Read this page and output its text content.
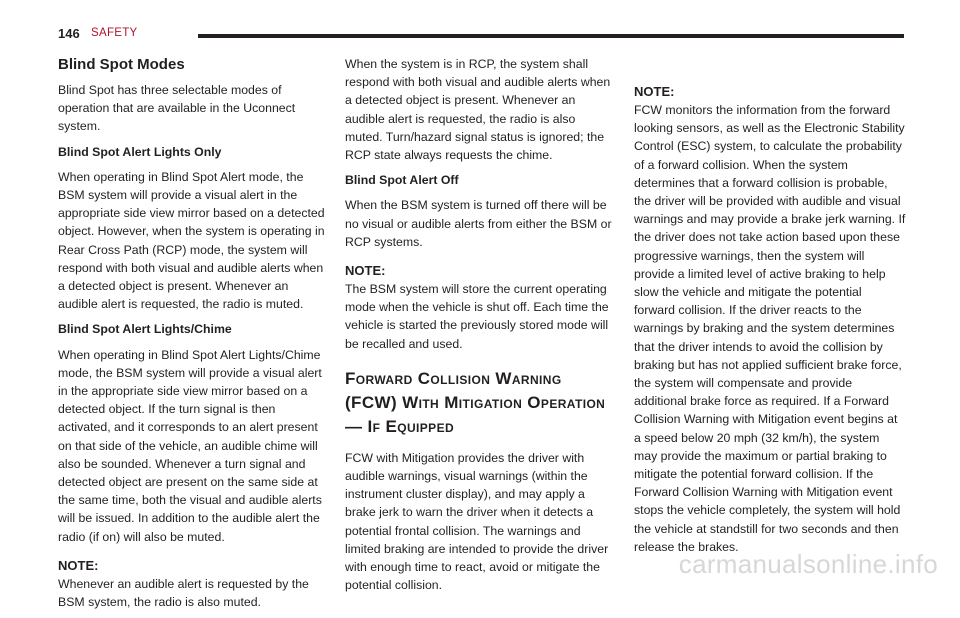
146 SAFETY
Blind Spot Modes

Blind Spot has three selectable modes of operation that are available in the Uconnect system.

Blind Spot Alert Lights Only

When operating in Blind Spot Alert mode, the BSM system will provide a visual alert in the appropriate side view mirror based on a detected object. However, when the system is operating in Rear Cross Path (RCP) mode, the system will respond with both visual and audible alerts when a detected object is present. Whenever an audible alert is requested, the radio is muted.

Blind Spot Alert Lights/Chime

When operating in Blind Spot Alert Lights/Chime mode, the BSM system will provide a visual alert in the appropriate side view mirror based on a detected object. If the turn signal is then activated, and it corresponds to an alert present on that side of the vehicle, an audible chime will also be sounded. Whenever a turn signal and detected object are present on the same side at the same time, both the visual and audible alerts will be issued. In addition to the audible alert the radio (if on) will also be muted.

NOTE:

Whenever an audible alert is requested by the BSM system, the radio is also muted.

When the system is in RCP, the system shall respond with both visual and audible alerts when a detected object is present. Whenever an audible alert is requested, the radio is also muted. Turn/hazard signal status is ignored; the RCP state always requests the chime.

Blind Spot Alert Off

When the BSM system is turned off there will be no visual or audible alerts from either the BSM or RCP systems.

NOTE:

The BSM system will store the current operating mode when the vehicle is shut off. Each time the vehicle is started the previously stored mode will be recalled and used.

Forward Collision Warning (FCW) With Mitigation Operation — If Equipped

FCW with Mitigation provides the driver with audible warnings, visual warnings (within the instrument cluster display), and may apply a brake jerk to warn the driver when it detects a potential frontal collision. The warnings and limited braking are intended to provide the driver with enough time to react, avoid or mitigate the potential collision.

NOTE:

FCW monitors the information from the forward looking sensors, as well as the Electronic Stability Control (ESC) system, to calculate the probability of a forward collision. When the system determines that a forward collision is probable, the driver will be provided with audible and visual warnings and may provide a brake jerk warning. If the driver does not take action based upon these progressive warnings, then the system will provide a limited level of active braking to help slow the vehicle and mitigate the potential forward collision. If the driver reacts to the warnings by braking and the system determines that the driver intends to avoid the collision by braking but has not applied sufficient brake force, the system will compensate and provide additional brake force as required. If a Forward Collision Warning with Mitigation event begins at a speed below 20 mph (32 km/h), the system may provide the maximum or partial braking to mitigate the potential forward collision. If the Forward Collision Warning with Mitigation event stops the vehicle completely, the system will hold the vehicle at standstill for two seconds and then release the brakes.

carmanualsonline.info
